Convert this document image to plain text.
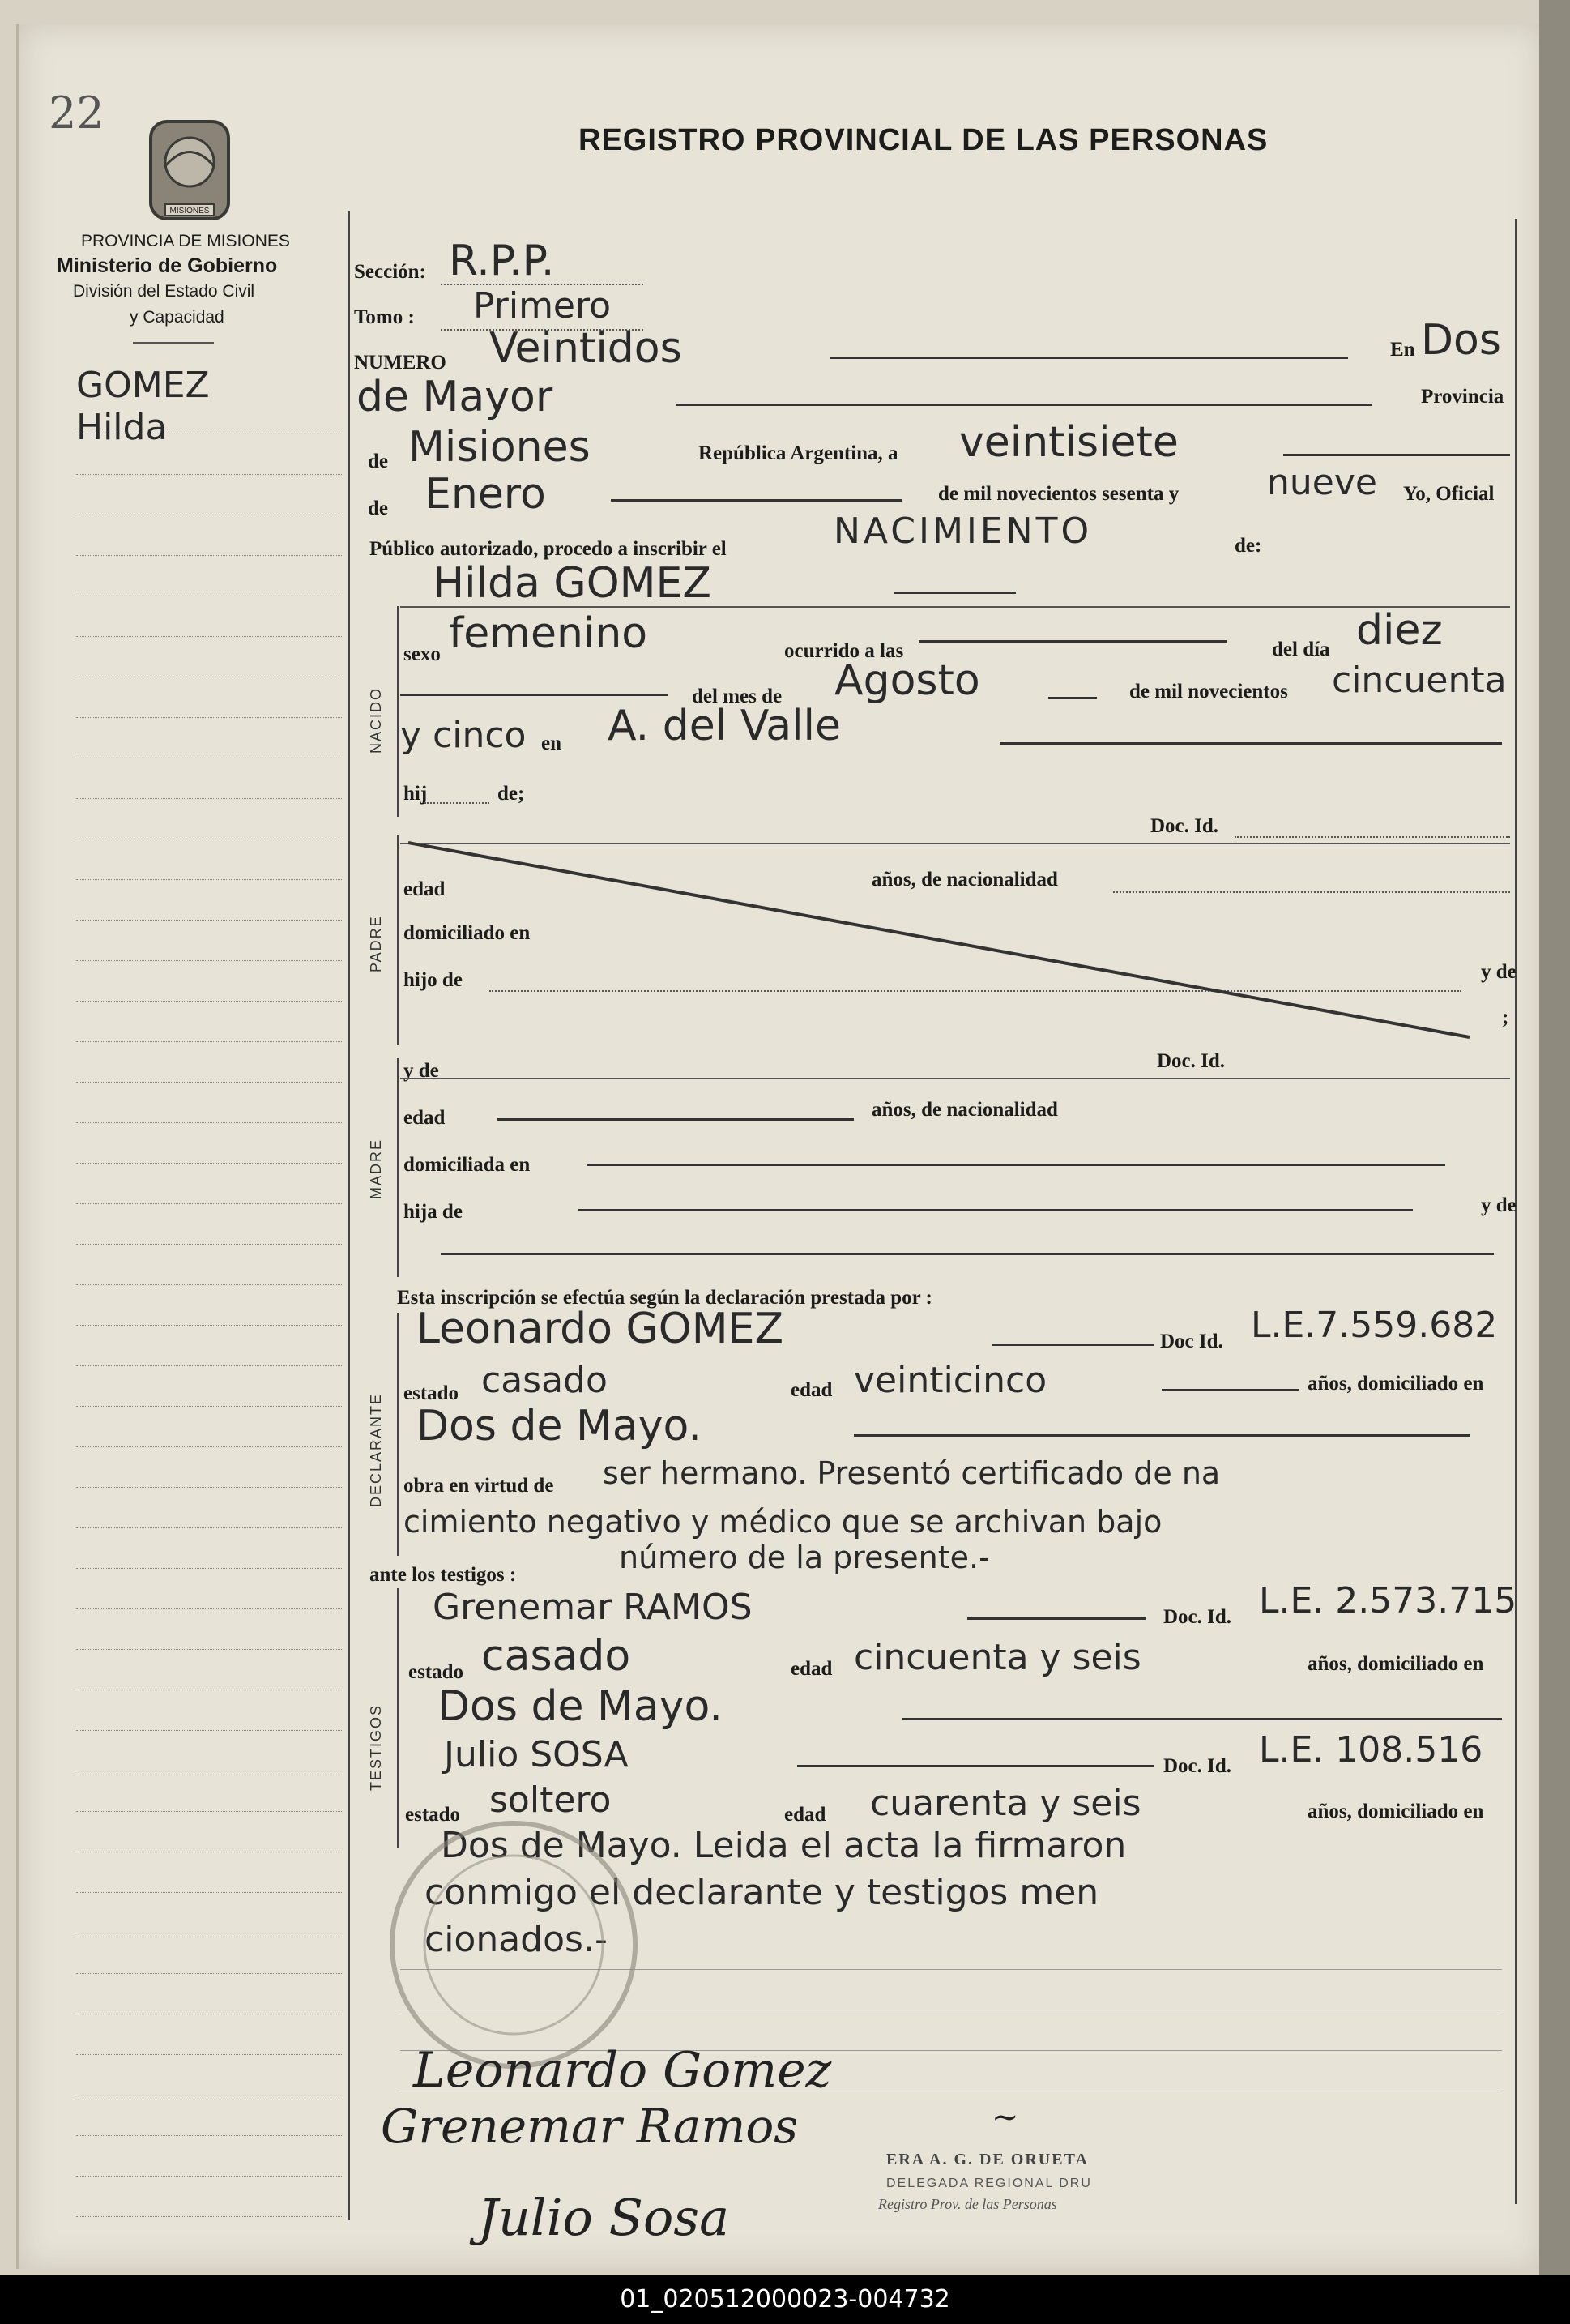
22
MISIONES
PROVINCIA DE MISIONES
Ministerio de Gobierno
División del Estado Civil
y Capacidad
REGISTRO PROVINCIAL DE LAS PERSONAS
GOMEZ
Hilda
Sección: R.P.P.
Tomo : Primero
NUMERO Veintidos	En Dos
de Mayor	Provincia
de Misiones	República Argentina, a veintisiete
de Enero	de mil novecientos sesenta y nueve Yo, Oficial
Público autorizado, procedo a inscribir el	NACIMIENTO	de:
NACIDO
Hilda GOMEZ
sexo femenino	ocurrido a las	del día diez
del mes de Agosto	de mil novecientos cincuenta
y cinco en A. del Valle
hij	de;
PADRE
Doc. Id.
edad	años, de nacionalidad
domiciliado en
hijo de	y de
;
MADRE
y de	Doc. Id.
edad	años, de nacionalidad
domiciliada en
hija de	y de
Esta inscripción se efectúa según la declaración prestada por :
DECLARANTE
Leonardo GOMEZ	Doc Id. L.E.7.559.682
estado casado	edad veinticinco	años, domiciliado en
Dos de Mayo.
obra en virtud de ser hermano. Presentó certificado de na
cimiento negativo y médico que se archivan bajo
ante los testigos :	número de la presente.-
TESTIGOS
Grenemar RAMOS	Doc. Id. L.E. 2.573.715
estado casado	edad cincuenta y seis	años, domiciliado en
Dos de Mayo.
Julio SOSA	Doc. Id. L.E. 108.516
estado soltero	edad cuarenta y seis	años, domiciliado en
Dos de Mayo. Leida el acta la firmaron
conmigo el declarante y testigos men
cionados.-
Leonardo Gomez
Grenemar Ramos
Julio Sosa
~
ERA A. G. DE ORUETA
DELEGADA REGIONAL DRU
Registro Prov. de las Personas
01_020512000023-004732
